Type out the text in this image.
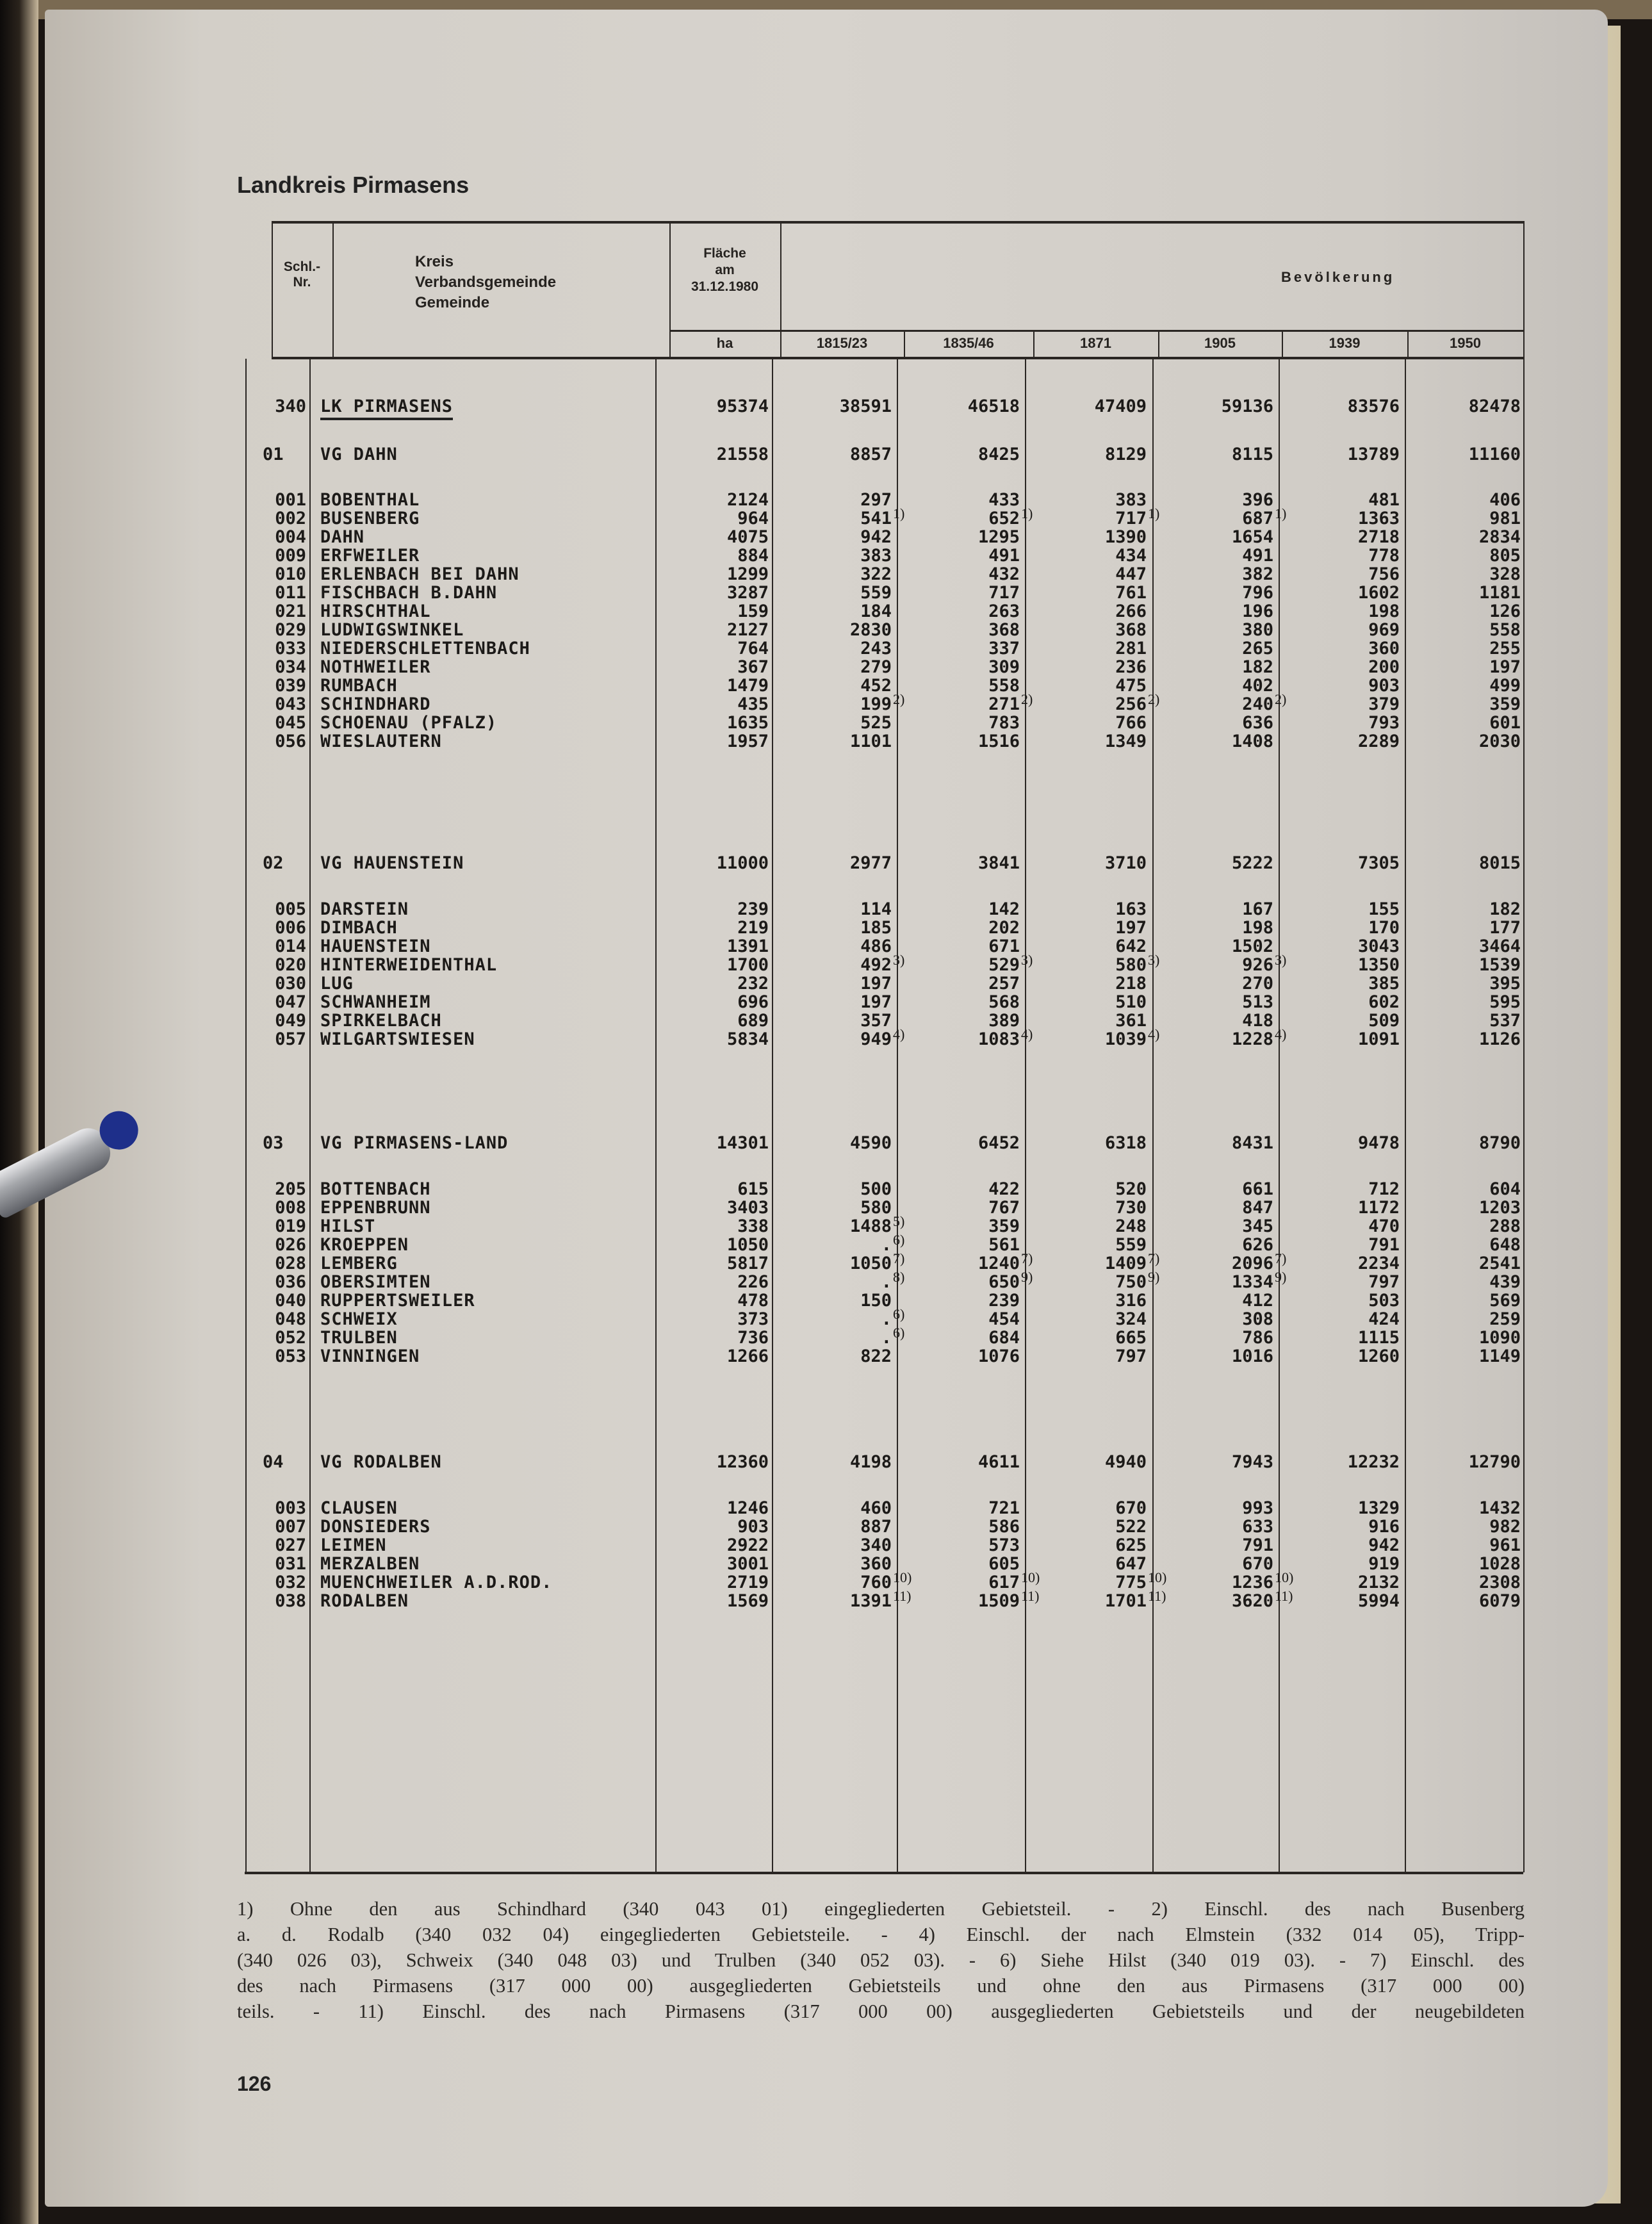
Landkreis Pirmasens
Schl.-
Nr.
Kreis
Verbandsgemeinde
Gemeinde
Fläche
am
31.12.1980
ha
Bevölkerung
1815/23	1835/46	1871	1905	1939	1950
340 LK PIRMASENS	95374	38591	46518	47409	59136	83576	82478
01 VG DAHN	21558	8857	8425	8129	8115	13789	11160
001 BOBENTHAL	2124	297	433	383	396	481	406
002 BUSENBERG	964	541 1)	652 1)	717 1)	687 1)	1363	981
004 DAHN	4075	942	1295	1390	1654	2718	2834
009 ERFWEILER	884	383	491	434	491	778	805
010 ERLENBACH BEI DAHN	1299	322	432	447	382	756	328
011 FISCHBACH B.DAHN	3287	559	717	761	796	1602	1181
021 HIRSCHTHAL	159	184	263	266	196	198	126
029 LUDWIGSWINKEL	2127	2830	368	368	380	969	558
033 NIEDERSCHLETTENBACH	764	243	337	281	265	360	255
034 NOTHWEILER	367	279	309	236	182	200	197
039 RUMBACH	1479	452	558	475	402	903	499
043 SCHINDHARD	435	199 2)	271 2)	256 2)	240 2)	379	359
045 SCHOENAU (PFALZ)	1635	525	783	766	636	793	601
056 WIESLAUTERN	1957	1101	1516	1349	1408	2289	2030
02 VG HAUENSTEIN	11000	2977	3841	3710	5222	7305	8015
005 DARSTEIN	239	114	142	163	167	155	182
006 DIMBACH	219	185	202	197	198	170	177
014 HAUENSTEIN	1391	486	671	642	1502	3043	3464
020 HINTERWEIDENTHAL	1700	492 3)	529 3)	580 3)	926 3)	1350	1539
030 LUG	232	197	257	218	270	385	395
047 SCHWANHEIM	696	197	568	510	513	602	595
049 SPIRKELBACH	689	357	389	361	418	509	537
057 WILGARTSWIESEN	5834	949 4)	1083 4)	1039 4)	1228 4)	1091	1126
03 VG PIRMASENS-LAND	14301	4590	6452	6318	8431	9478	8790
205 BOTTENBACH	615	500	422	520	661	712	604
008 EPPENBRUNN	3403	580	767	730	847	1172	1203
019 HILST	338	1488 5)	359	248	345	470	288
026 KROEPPEN	1050	. 6)	561	559	626	791	648
028 LEMBERG	5817	1050 7)	1240 7)	1409 7)	2096 7)	2234	2541
036 OBERSIMTEN	226	. 8)	650 9)	750 9)	1334 9)	797	439
040 RUPPERTSWEILER	478	150	239	316	412	503	569
048 SCHWEIX	373	. 6)	454	324	308	424	259
052 TRULBEN	736	. 6)	684	665	786	1115	1090
053 VINNINGEN	1266	822	1076	797	1016	1260	1149
04 VG RODALBEN	12360	4198	4611	4940	7943	12232	12790
003 CLAUSEN	1246	460	721	670	993	1329	1432
007 DONSIEDERS	903	887	586	522	633	916	982
027 LEIMEN	2922	340	573	625	791	942	961
031 MERZALBEN	3001	360	605	647	670	919	1028
032 MUENCHWEILER A.D.ROD.	2719	760 10)	617 10)	775 10)	1236 10)	2132	2308
038 RODALBEN	1569	1391 11)	1509 11)	1701 11)	3620 11)	5994	6079
1) Ohne den aus Schindhard (340 043 01) eingegliederten Gebietsteil. - 2) Einschl. des nach Busenberg
a. d. Rodalb (340 032 04) eingegliederten Gebietsteile. - 4) Einschl. der nach Elmstein (332 014 05), Tripp-
(340 026 03), Schweix (340 048 03) und Trulben (340 052 03). - 6) Siehe Hilst (340 019 03). - 7) Einschl. des
des nach Pirmasens (317 000 00) ausgegliederten Gebietsteils und ohne den aus Pirmasens (317 000 00)
teils. - 11) Einschl. des nach Pirmasens (317 000 00) ausgegliederten Gebietsteils und der neugebildeten
126
